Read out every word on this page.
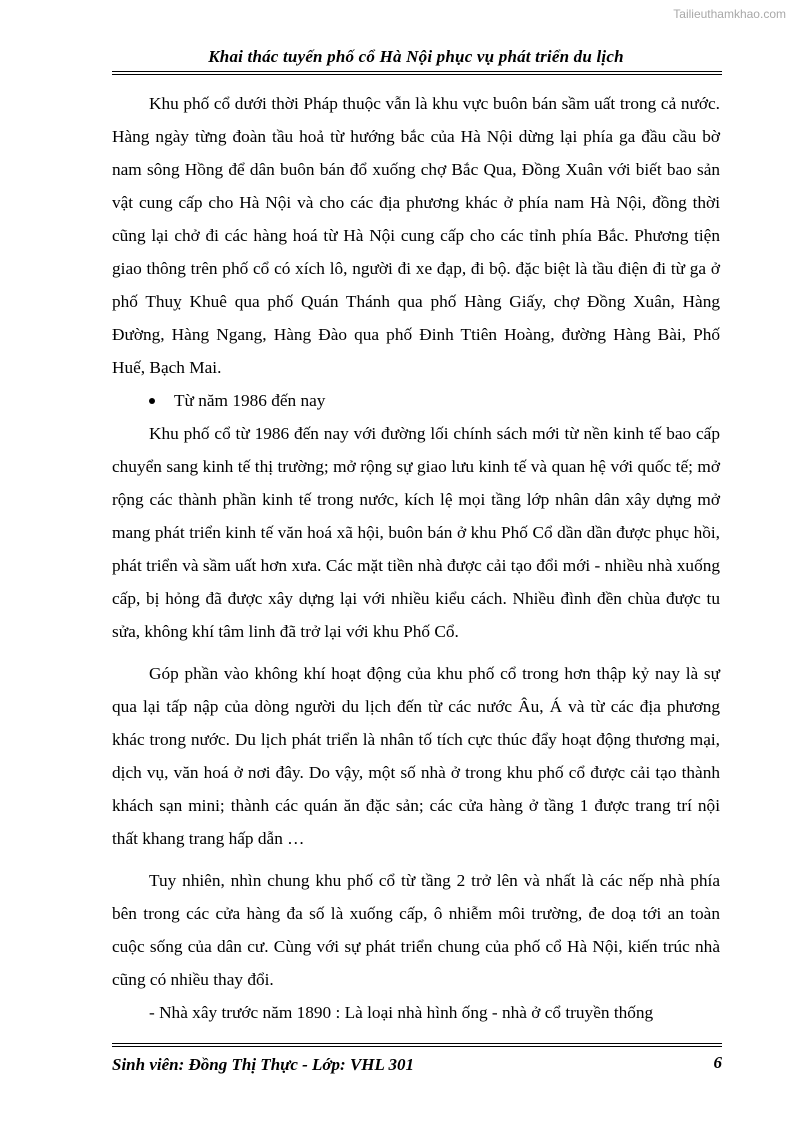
Tailieuthamkhao.com
Khai thác tuyến phố cổ Hà Nội phục vụ phát triển du lịch

Khu phố cổ dưới thời Pháp thuộc vẫn là khu vực buôn bán sầm uất trong cả nước. Hàng ngày từng đoàn tầu hoả từ hướng bắc của Hà Nội dừng lại phía ga đầu cầu bờ nam sông Hồng để dân buôn bán đổ xuống chợ Bắc Qua, Đồng Xuân với biết bao sản vật cung cấp cho Hà Nội và cho các địa phương khác ở phía nam Hà Nội, đồng thời cũng lại chở đi các hàng hoá từ Hà Nội cung cấp cho các tỉnh phía Bắc. Phương tiện giao thông trên phố cổ có xích lô, người đi xe đạp, đi bộ. đặc biệt là tầu điện đi từ ga ở phố Thuỵ Khuê qua phố Quán Thánh qua phố Hàng Giấy, chợ Đồng Xuân, Hàng Đường, Hàng Ngang, Hàng Đào qua phố Đinh Ttiên Hoàng, đường Hàng Bài, Phố Huế, Bạch Mai.

Từ năm 1986 đến nay

Khu phố cổ từ 1986 đến nay với đường lối chính sách mới từ nền kinh tế bao cấp chuyển sang kinh tế thị trường; mở rộng sự giao lưu kinh tế và quan hệ với quốc tế; mở rộng các thành phần kinh tế trong nước, kích lệ mọi tầng lớp nhân dân xây dựng mở mang phát triển kinh tế văn hoá xã hội, buôn bán ở khu Phố Cổ dần dần được phục hồi, phát triển và sầm uất hơn xưa. Các mặt tiền nhà được cải tạo đổi mới - nhiều nhà xuống cấp, bị hỏng đã được xây dựng lại với nhiều kiểu cách. Nhiều đình đền chùa được tu sửa, không khí tâm linh đã trở lại với khu Phố Cổ.

Góp phần vào không khí hoạt động của khu phố cổ trong hơn thập kỷ nay là sự qua lại tấp nập của dòng người du lịch đến từ các nước Âu, Á và từ các địa phương khác trong nước. Du lịch phát triển là nhân tố tích cực thúc đẩy hoạt động thương mại, dịch vụ, văn hoá ở nơi đây. Do vậy, một số nhà ở trong khu phố cổ được cải tạo thành khách sạn mini; thành các quán ăn đặc sản; các cửa hàng ở tầng 1 được trang trí nội thất khang trang hấp dẫn …

Tuy nhiên, nhìn chung khu phố cổ từ tầng 2 trở lên và nhất là các nếp nhà phía bên trong các cửa hàng đa số là xuống cấp, ô nhiễm môi trường, đe doạ tới an toàn cuộc sống của dân cư. Cùng với sự phát triển chung của phố cổ Hà Nội, kiến trúc nhà cũng có nhiều thay đổi.

- Nhà xây trước năm 1890 : Là loại nhà hình ống - nhà ở cổ truyền thống

Sinh viên: Đồng Thị Thực - Lớp: VHL 301	6
